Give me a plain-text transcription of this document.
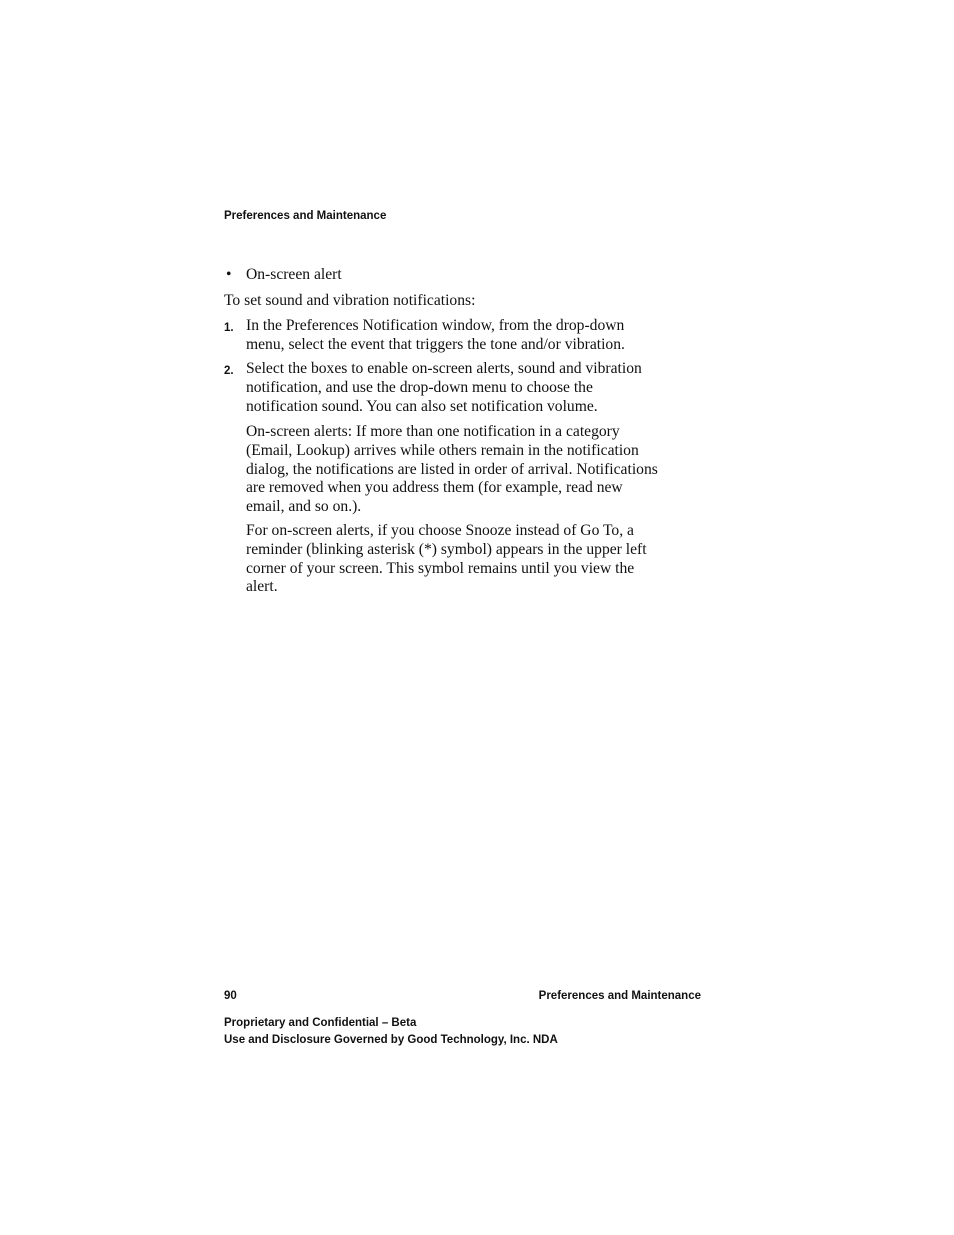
Preferences and Maintenance
• On-screen alert
To set sound and vibration notifications:
1. In the Preferences Notification window, from the drop-down
menu, select the event that triggers the tone and/or vibration.
2. Select the boxes to enable on-screen alerts, sound and vibration
notification, and use the drop-down menu to choose the
notification sound. You can also set notification volume.
On-screen alerts: If more than one notification in a category
(Email, Lookup) arrives while others remain in the notification
dialog, the notifications are listed in order of arrival. Notifications
are removed when you address them (for example, read new
email, and so on.).
For on-screen alerts, if you choose Snooze instead of Go To, a
reminder (blinking asterisk (*) symbol) appears in the upper left
corner of your screen. This symbol remains until you view the
alert.
90	Preferences and Maintenance
Proprietary and Confidential – Beta
Use and Disclosure Governed by Good Technology, Inc. NDA
